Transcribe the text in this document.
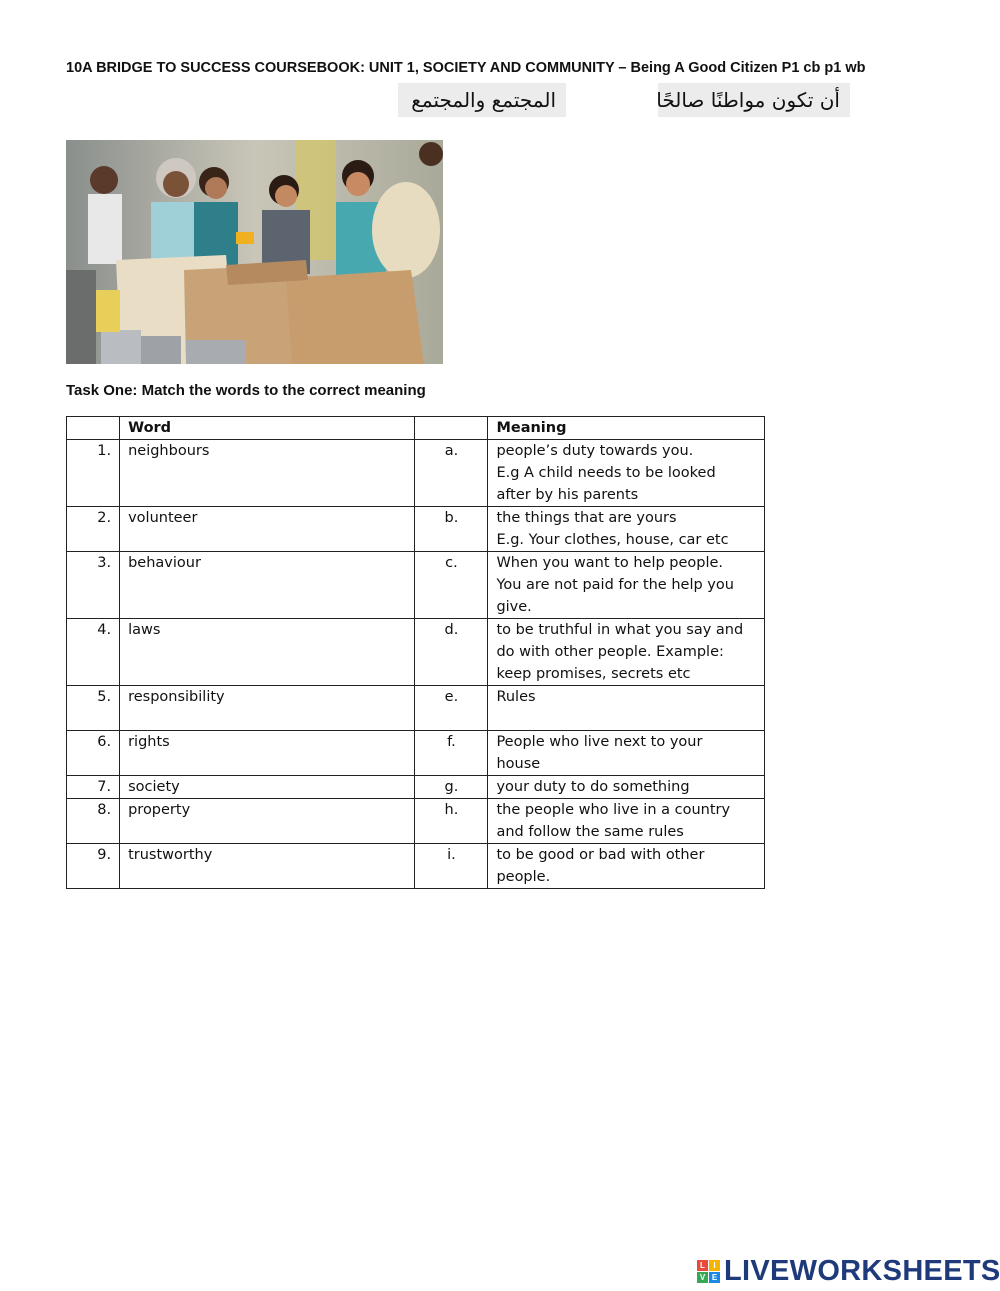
10A BRIDGE TO SUCCESS COURSEBOOK: UNIT 1, SOCIETY AND COMMUNITY – Being A Good Citizen P1 cb p1 wb
المجتمع والمجتمع	أن تكون مواطنًا صالحًا
Task One: Match the words to the correct meaning
	Word		Meaning
1.	neighbours	a.	people’s duty towards you.
E.g A child needs to be looked
after by his parents

2.	volunteer	b.	the things that are yours
E.g. Your clothes, house, car etc

3.	behaviour	c.	When you want to help people.
You are not paid for the help you
give.

4.	laws	d.	to be truthful in what you say and
do with other people. Example:
keep promises, secrets etc

5.	responsibility	e.	Rules

6.	rights	f.	People who live next to your
house

7.	society	g.	your duty to do something

8.	property	h.	the people who live in a country
and follow the same rules

9.	trustworthy	i.	to be good or bad with other
people.
L	I
V E LIVEWORKSHEETS
